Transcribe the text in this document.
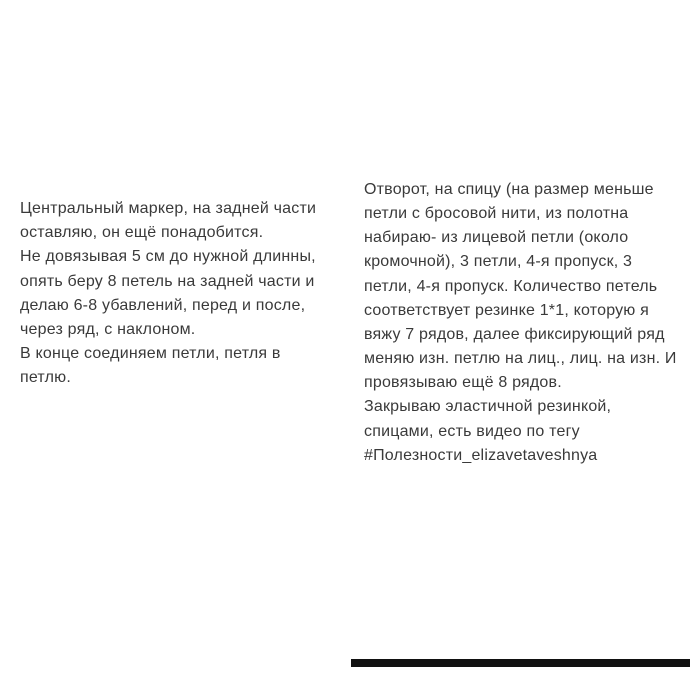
Центральный маркер, на задней части
оставляю, он ещё понадобится.
Не довязывая 5 см до нужной длинны,
опять беру 8 петель на задней части и
делаю 6-8 убавлений, перед и после,
через ряд, с наклоном.
В конце соединяем петли, петля в
петлю.
Отворот, на спицу (на размер меньше
петли с бросовой нити, из полотна
набираю- из лицевой петли (около
кромочной), 3 петли, 4-я пропуск, 3
петли, 4-я пропуск. Количество петель
соответствует резинке 1*1, которую я
вяжу 7 рядов, далее фиксирующий ряд
меняю изн. петлю на лиц., лиц. на изн. И
провязываю ещё 8 рядов.
Закрываю эластичной резинкой,
спицами, есть видео по тегу
#Полезности_elizavetaveshnya
